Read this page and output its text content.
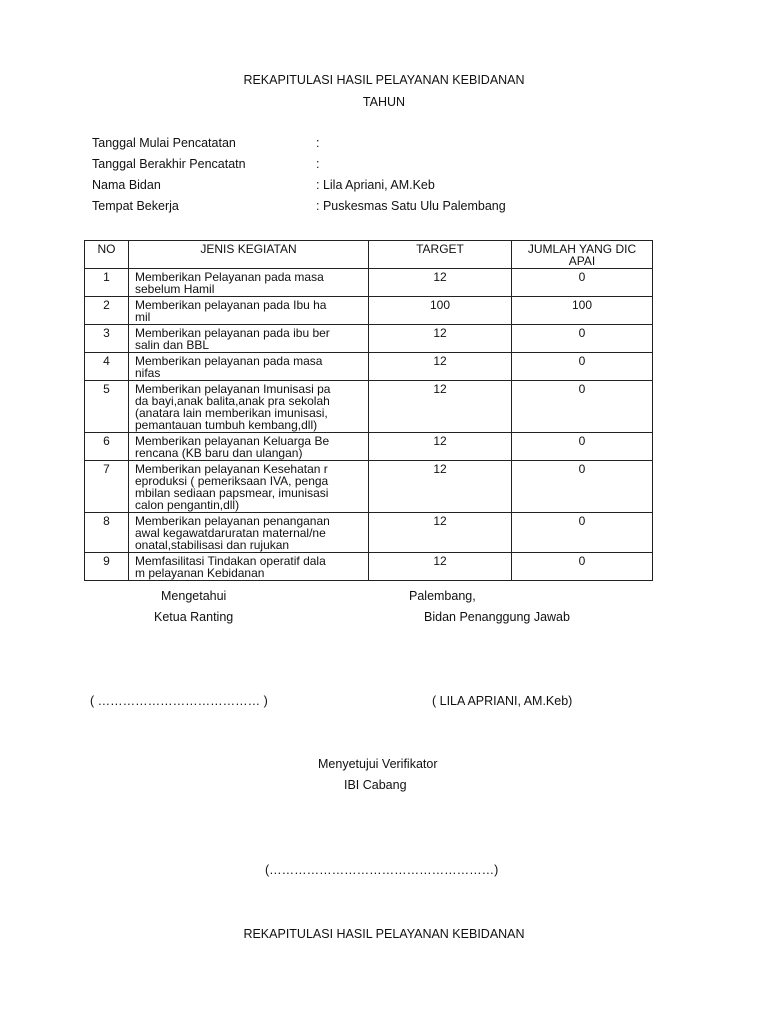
REKAPITULASI HASIL PELAYANAN KEBIDANAN
TAHUN
Tanggal Mulai Pencatatan	:
Tanggal Berakhir Pencatatn	:
Nama Bidan	: Lila Apriani, AM.Keb
Tempat Bekerja	: Puskesmas Satu Ulu Palembang
NO	JENIS KEGIATAN	TARGET	JUMLAH YANG DIC
APAI
1	Memberikan Pelayanan pada masa
sebelum Hamil	12	0
2	Memberikan pelayanan pada Ibu ha
mil	100	100
3	Memberikan pelayanan pada ibu ber
salin dan BBL	12	0
4	Memberikan pelayanan pada masa
nifas	12	0
5	Memberikan pelayanan Imunisasi pa
da bayi,anak balita,anak pra sekolah
(anatara lain memberikan imunisasi,
pemantauan tumbuh kembang,dll)	12	0
6	Memberikan pelayanan Keluarga Be
rencana (KB baru dan ulangan)	12	0
7	Memberikan pelayanan Kesehatan r
eproduksi ( pemeriksaan IVA, penga
mbilan sediaan papsmear, imunisasi
calon pengantin,dll)	12	0
8	Memberikan pelayanan penanganan
awal kegawatdaruratan maternal/ne
onatal,stabilisasi dan rujukan	12	0
9	Memfasilitasi Tindakan operatif dala
m pelayanan Kebidanan	12	0
Mengetahui
Ketua Ranting
Palembang,
Bidan Penanggung Jawab
( ………………………………… )	( LILA APRIANI, AM.Keb)
Menyetujui Verifikator
IBI Cabang
(………………………………………………)
REKAPITULASI HASIL PELAYANAN KEBIDANAN
